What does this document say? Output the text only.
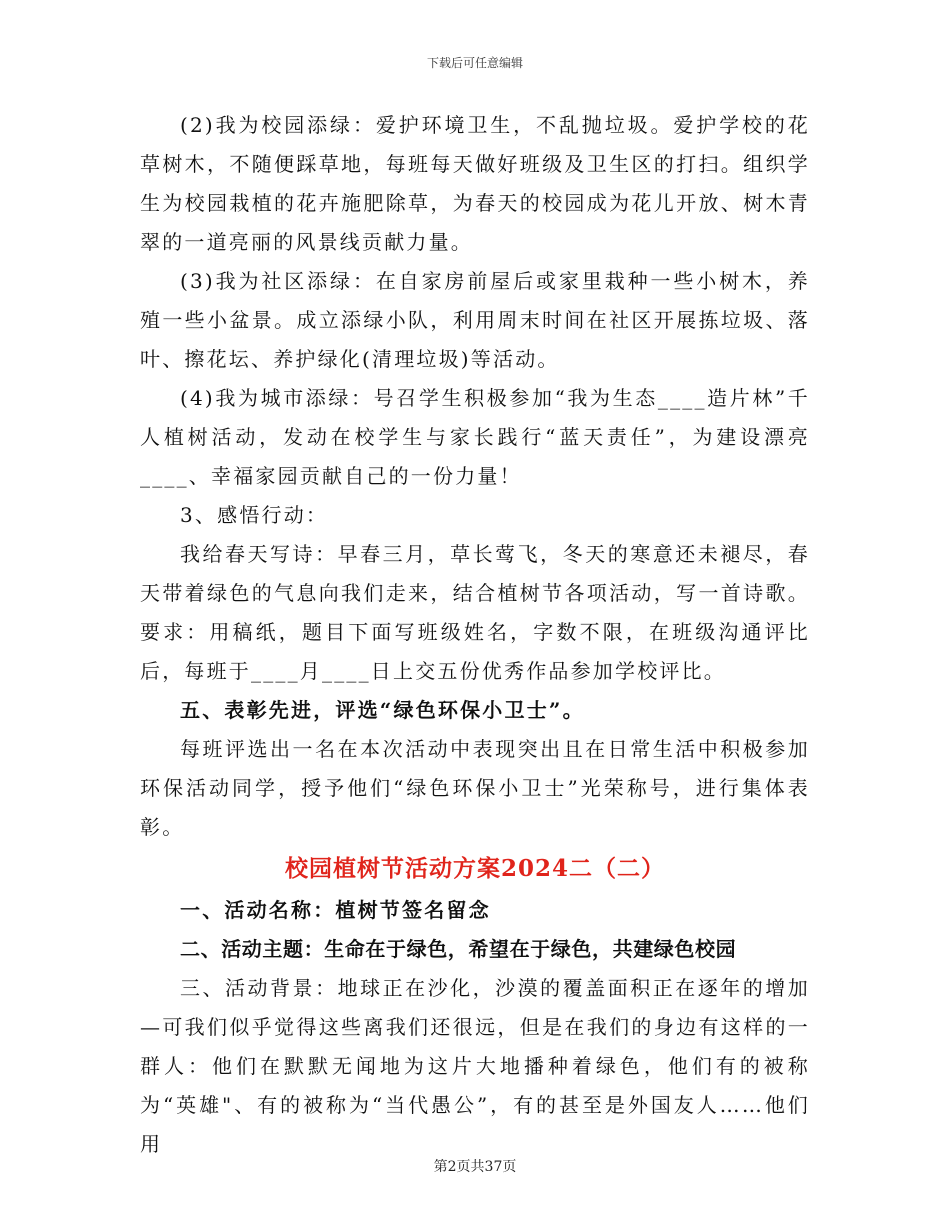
下载后可任意编辑

(2)我为校园添绿：爱护环境卫生，不乱抛垃圾。爱护学校的花草树木，不随便踩草地，每班每天做好班级及卫生区的打扫。组织学生为校园栽植的花卉施肥除草，为春天的校园成为花儿开放、树木青翠的一道亮丽的风景线贡献力量。

(3)我为社区添绿：在自家房前屋后或家里栽种一些小树木，养殖一些小盆景。成立添绿小队，利用周末时间在社区开展拣垃圾、落叶、擦花坛、养护绿化(清理垃圾)等活动。

(4)我为城市添绿：号召学生积极参加“我为生态____造片林”千人植树活动，发动在校学生与家长践行“蓝天责任”，为建设漂亮____、幸福家园贡献自己的一份力量！

3、感悟行动：

我给春天写诗：早春三月，草长莺飞，冬天的寒意还未褪尽，春天带着绿色的气息向我们走来，结合植树节各项活动，写一首诗歌。要求：用稿纸，题目下面写班级姓名，字数不限，在班级沟通评比后，每班于____月____日上交五份优秀作品参加学校评比。

五、表彰先进，评选“绿色环保小卫士”。

每班评选出一名在本次活动中表现突出且在日常生活中积极参加环保活动同学，授予他们“绿色环保小卫士”光荣称号，进行集体表彰。

校园植树节活动方案2024二（二）

一、活动名称：植树节签名留念

二、活动主题：生命在于绿色，希望在于绿色，共建绿色校园

三、活动背景：地球正在沙化，沙漠的覆盖面积正在逐年的增加—可我们似乎觉得这些离我们还很远，但是在我们的身边有这样的一群人：他们在默默无闻地为这片大地播种着绿色，他们有的被称为“英雄"、有的被称为“当代愚公”，有的甚至是外国友人……他们用

第2页共37页
